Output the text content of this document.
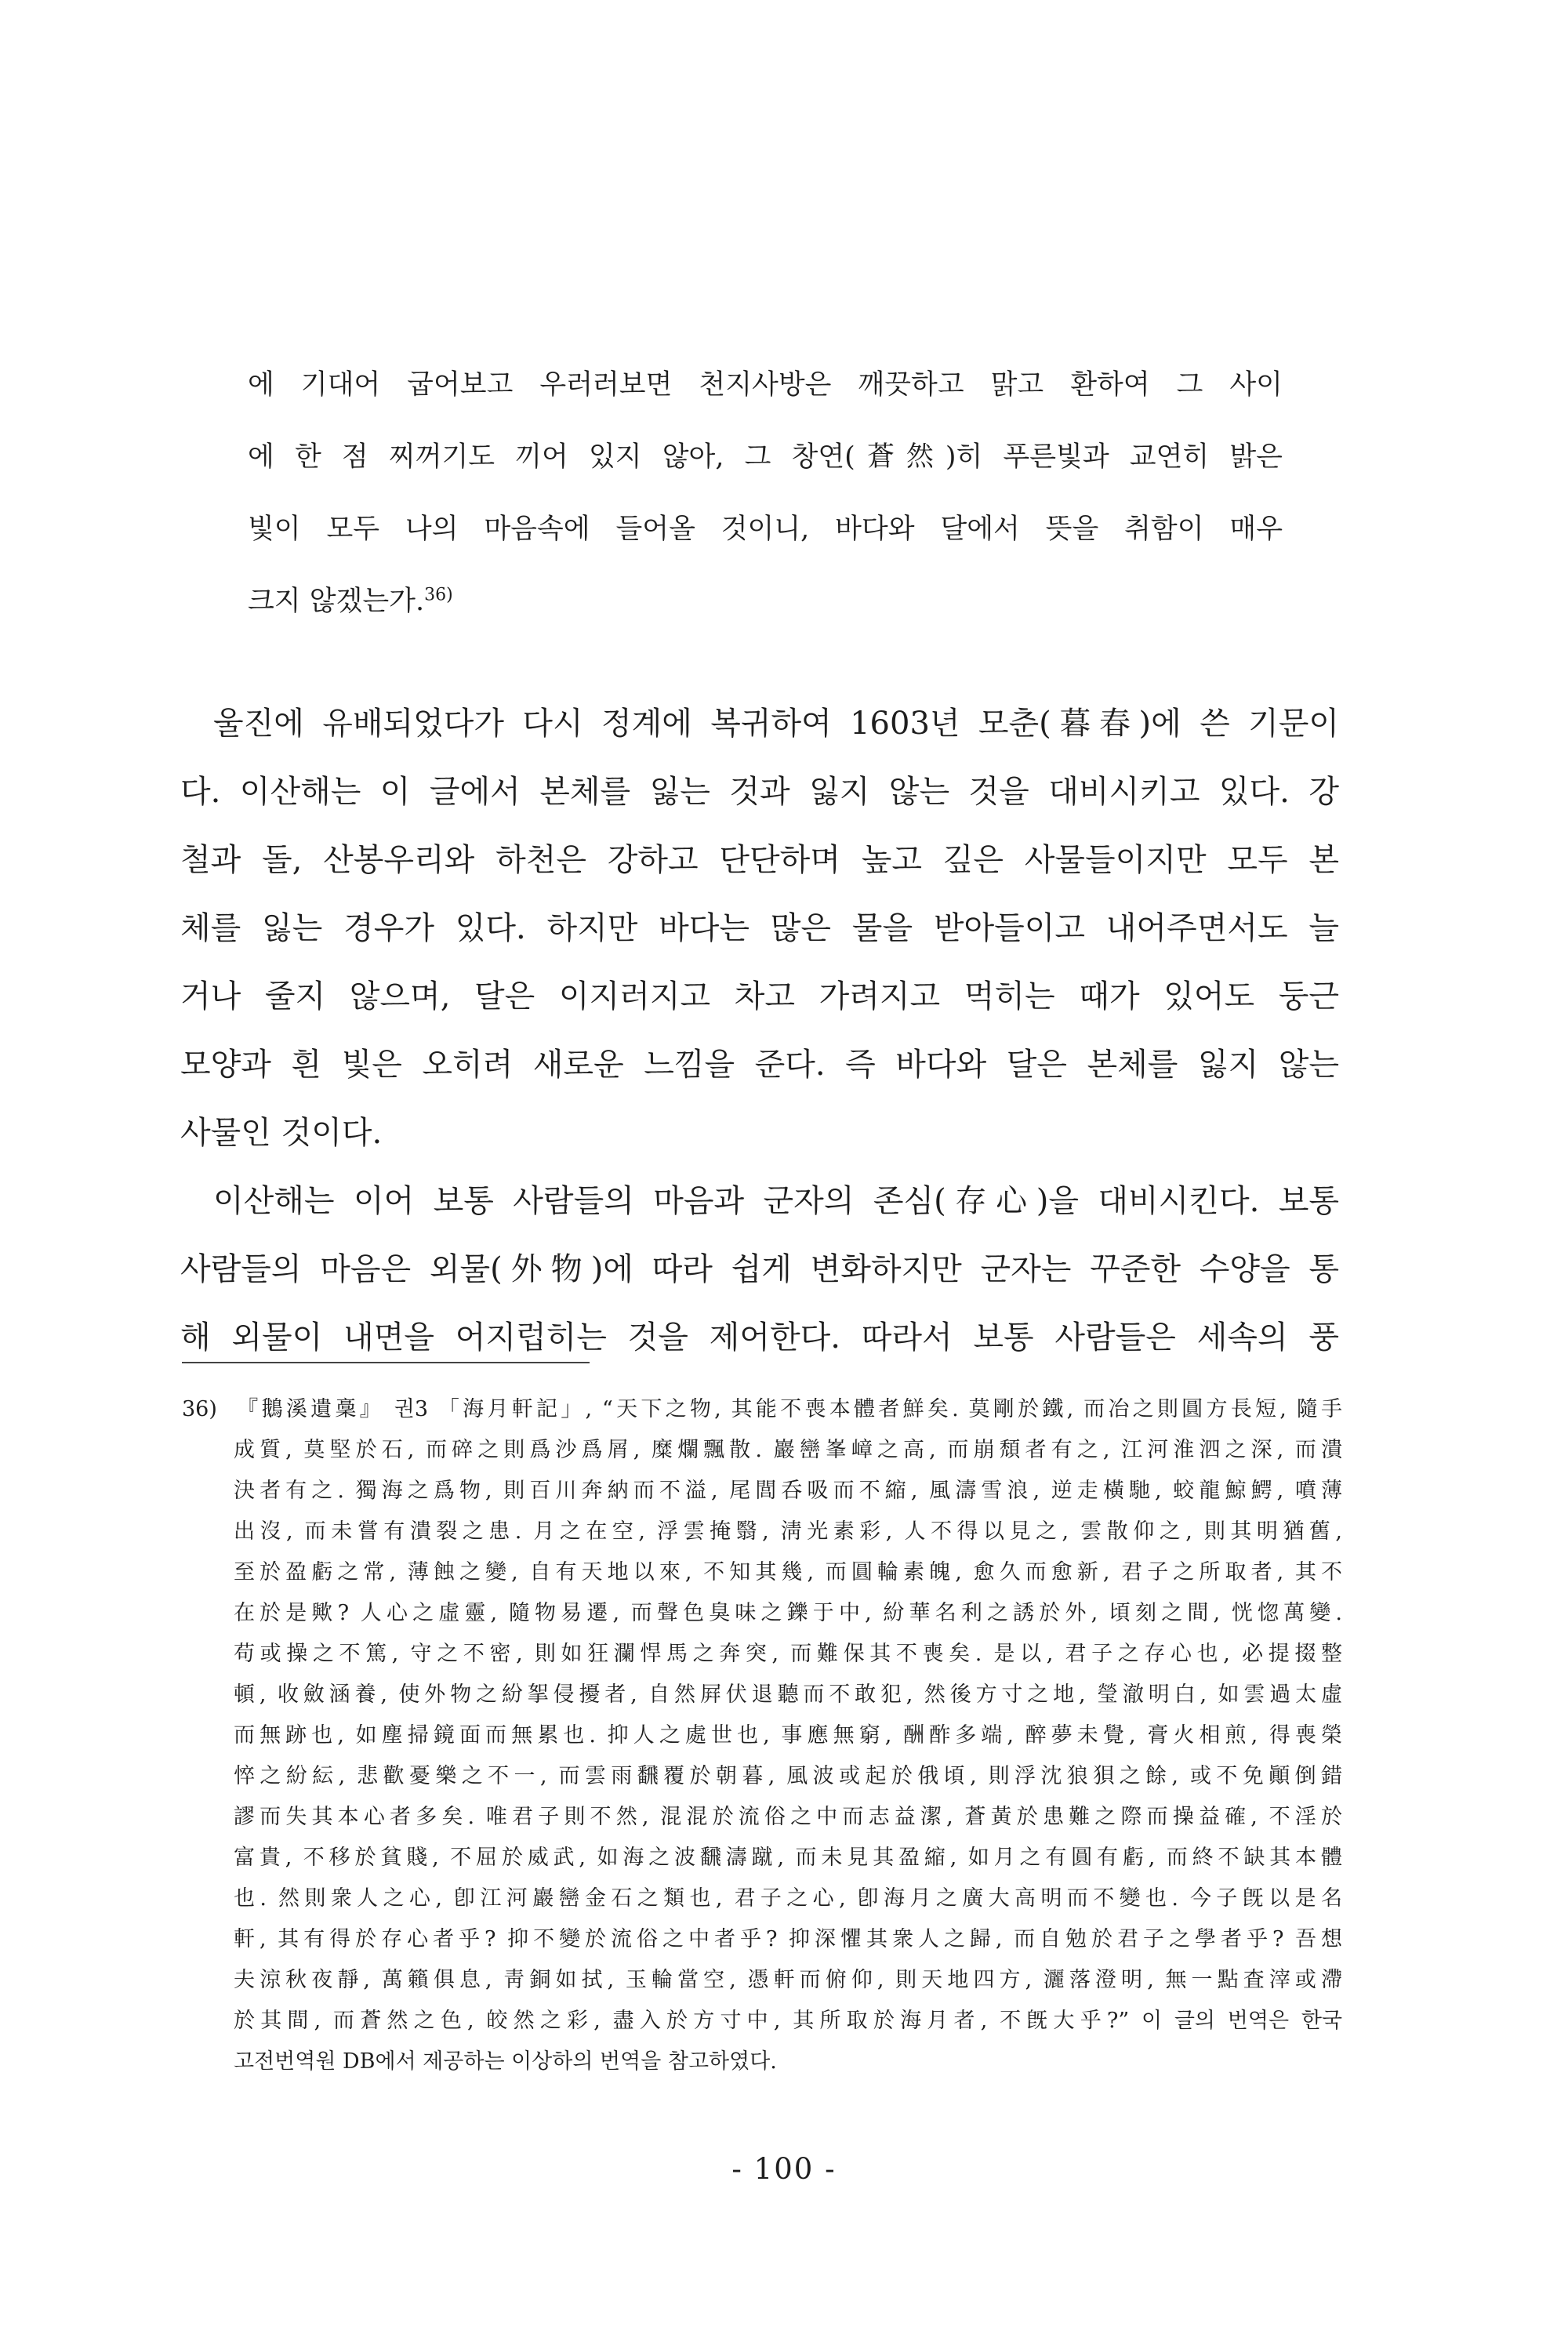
에 기대어 굽어보고 우러러보면 천지사방은 깨끗하고 맑고 환하여 그 사이
에 한 점 찌꺼기도 끼어 있지 않아, 그 창연(蒼然)히 푸른빛과 교연히 밝은
빛이 모두 나의 마음속에 들어올 것이니, 바다와 달에서 뜻을 취함이 매우
크지 않겠는가.$^{36)}$
울진에 유배되었다가 다시 정계에 복귀하여 1603년 모춘(暮春)에 쓴 기문이
다. 이산해는 이 글에서 본체를 잃는 것과 잃지 않는 것을 대비시키고 있다. 강
철과 돌, 산봉우리와 하천은 강하고 단단하며 높고 깊은 사물들이지만 모두 본
체를 잃는 경우가 있다. 하지만 바다는 많은 물을 받아들이고 내어주면서도 늘
거나 줄지 않으며, 달은 이지러지고 차고 가려지고 먹히는 때가 있어도 둥근
모양과 흰 빛은 오히려 새로운 느낌을 준다. 즉 바다와 달은 본체를 잃지 않는
사물인 것이다.
이산해는 이어 보통 사람들의 마음과 군자의 존심(存心)을 대비시킨다. 보통
사람들의 마음은 외물(外物)에 따라 쉽게 변화하지만 군자는 꾸준한 수양을 통
해 외물이 내면을 어지럽히는 것을 제어한다. 따라서 보통 사람들은 세속의 풍
36) 『鵝溪遺稾』 권3 「海月軒記」, “天下之物, 其能不喪本體者鮮矣. 莫剛於鐵, 而冶之則圓方長短, 隨手
成質, 莫堅於石, 而碎之則爲沙爲屑, 糜爛飄散. 巖巒峯嶂之高, 而崩頹者有之, 江河淮泗之深, 而潰
決者有之. 獨海之爲物, 則百川奔納而不溢, 尾閭呑吸而不縮, 風濤雪浪, 逆走橫馳, 蛟龍鯨鰐, 噴薄
出沒, 而未嘗有潰裂之患. 月之在空, 浮雲掩翳, 淸光素彩, 人不得以見之, 雲散仰之, 則其明猶舊,
至於盈虧之常, 薄蝕之變, 自有天地以來, 不知其幾, 而圓輪素魄, 愈久而愈新, 君子之所取者, 其不
在於是歟? 人心之虛靈, 隨物易遷, 而聲色臭味之鑠于中, 紛華名利之誘於外, 頃刻之間, 恍惚萬變.
苟或操之不篤, 守之不密, 則如狂瀾悍馬之奔突, 而難保其不喪矣. 是以, 君子之存心也, 必提掇整
頓, 收斂涵養, 使外物之紛挐侵擾者, 自然屛伏退聽而不敢犯, 然後方寸之地, 瑩澈明白, 如雲過太虛
而無跡也, 如塵掃鏡面而無累也. 抑人之處世也, 事應無窮, 酬酢多端, 醉夢未覺, 膏火相煎, 得喪榮
悴之紛紜, 悲歡憂樂之不一, 而雲雨飜覆於朝暮, 風波或起於俄頃, 則浮沈狼狽之餘, 或不免顚倒錯
謬而失其本心者多矣. 唯君子則不然, 混混於流俗之中而志益潔, 蒼黃於患難之際而操益確, 不淫於
富貴, 不移於貧賤, 不屈於威武, 如海之波飜濤蹴, 而未見其盈縮, 如月之有圓有虧, 而終不缺其本體
也. 然則衆人之心, 卽江河巖巒金石之類也, 君子之心, 卽海月之廣大高明而不變也. 今子旣以是名
軒, 其有得於存心者乎? 抑不變於流俗之中者乎? 抑深懼其衆人之歸, 而自勉於君子之學者乎? 吾想
夫涼秋夜靜, 萬籟俱息, 靑銅如拭, 玉輪當空, 憑軒而俯仰, 則天地四方, 灑落澄明, 無一點査滓或滯
於其間, 而蒼然之色, 皎然之彩, 盡入於方寸中, 其所取於海月者, 不旣大乎?” 이 글의 번역은 한국
고전번역원 DB에서 제공하는 이상하의 번역을 참고하였다.
- 100 -
